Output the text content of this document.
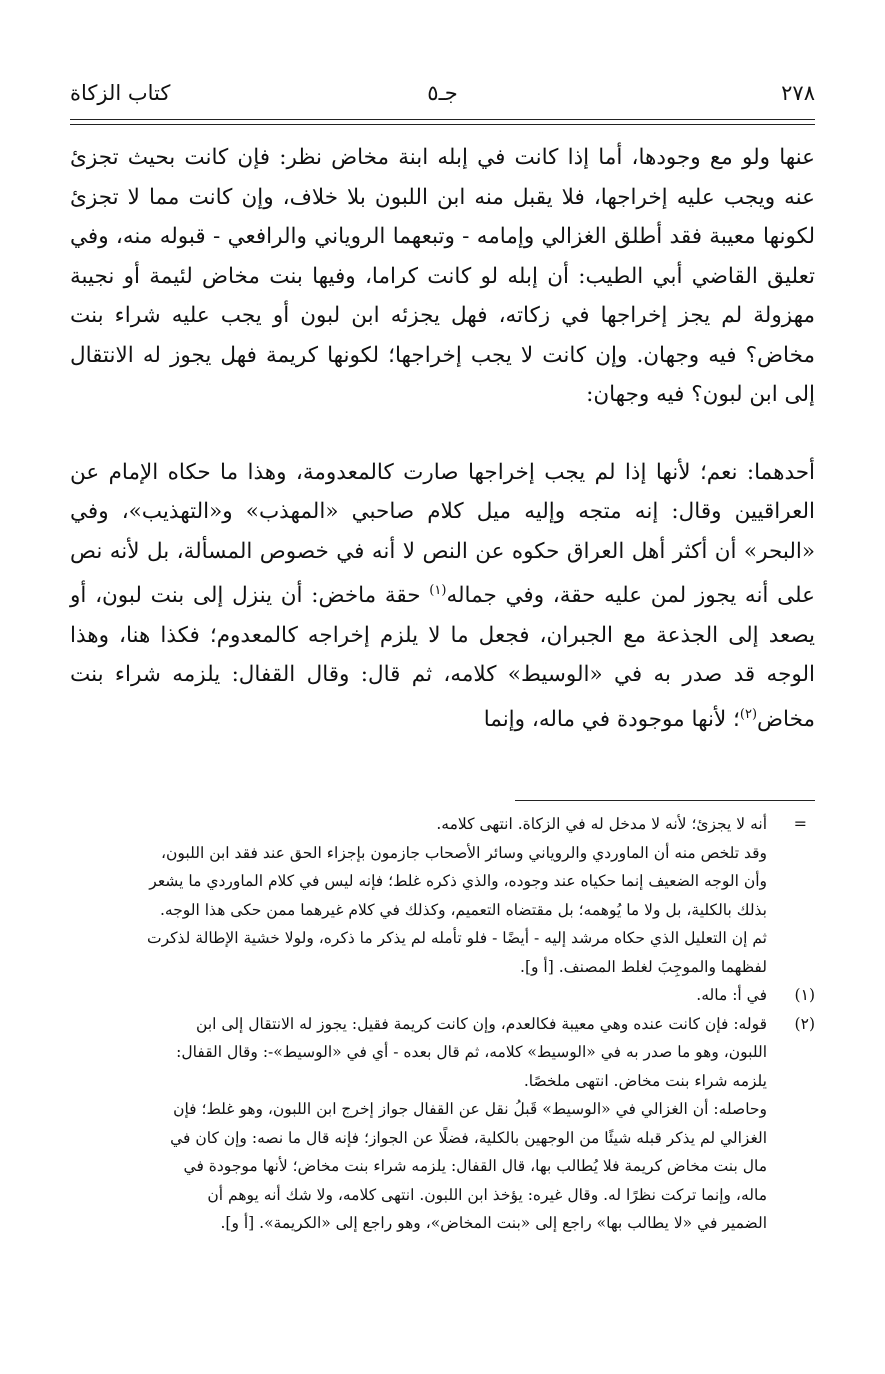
٢٧٨
جـ٥
كتاب الزكاة

عنها ولو مع وجودها، أما إذا كانت في إبله ابنة مخاض نظر: فإن كانت بحيث تجزئ عنه ويجب عليه إخراجها، فلا يقبل منه ابن اللبون بلا خلاف، وإن كانت مما لا تجزئ لكونها معيبة فقد أطلق الغزالي وإمامه - وتبعهما الروياني والرافعي - قبوله منه، وفي تعليق القاضي أبي الطيب: أن إبله لو كانت كراما، وفيها بنت مخاض لئيمة أو نجيبة مهزولة لم يجز إخراجها في زكاته، فهل يجزئه ابن لبون أو يجب عليه شراء بنت مخاض؟ فيه وجهان. وإن كانت لا يجب إخراجها؛ لكونها كريمة فهل يجوز له الانتقال إلى ابن لبون؟ فيه وجهان:

أحدهما: نعم؛ لأنها إذا لم يجب إخراجها صارت كالمعدومة، وهذا ما حكاه الإمام عن العراقيين وقال: إنه متجه وإليه ميل كلام صاحبي «المهذب» و«التهذيب»، وفي «البحر» أن أكثر أهل العراق حكوه عن النص لا أنه في خصوص المسألة، بل لأنه نص على أنه يجوز لمن عليه حقة، وفي جماله$^{(١)}$ حقة ماخض: أن ينزل إلى بنت لبون، أو يصعد إلى الجذعة مع الجبران، فجعل ما لا يلزم إخراجه كالمعدوم؛ فكذا هنا، وهذا الوجه قد صدر به في «الوسيط» كلامه، ثم قال: وقال القفال: يلزمه شراء بنت مخاض$^{(٢)}$؛ لأنها موجودة في ماله، وإنما

=

أنه لا يجزئ؛ لأنه لا مدخل له في الزكاة. انتهى كلامه.

وقد تلخص منه أن الماوردي والروياني وسائر الأصحاب جازمون بإجزاء الحق عند فقد ابن اللبون،

وأن الوجه الضعيف إنما حكياه عند وجوده، والذي ذكره غلط؛ فإنه ليس في كلام الماوردي ما يشعر

بذلك بالكلية، بل ولا ما يُوهمه؛ بل مقتضاه التعميم، وكذلك في كلام غيرهما ممن حكى هذا الوجه.

ثم إن التعليل الذي حكاه مرشد إليه - أيضًا - فلو تأمله لم يذكر ما ذكره، ولولا خشية الإطالة لذكرت

لفظهما والموجِبَ لغلط المصنف. [أ و].

(١)

في أ: ماله.

(٢)

قوله: فإن كانت عنده وهي معيبة فكالعدم، وإن كانت كريمة فقيل: يجوز له الانتقال إلى ابن

اللبون، وهو ما صدر به في «الوسيط» كلامه، ثم قال بعده - أي في «الوسيط»-: وقال القفال:

يلزمه شراء بنت مخاض. انتهى ملخصًا.

وحاصله: أن الغزالي في «الوسيط» قَبلُ نقل عن القفال جواز إخرج ابن اللبون، وهو غلط؛ فإن

الغزالي لم يذكر قبله شيئًا من الوجهين بالكلية، فضلًا عن الجواز؛ فإنه قال ما نصه: وإن كان في

مال بنت مخاض كريمة فلا يُطالب بها، قال القفال: يلزمه شراء بنت مخاض؛ لأنها موجودة في

ماله، وإنما تركت نظرًا له. وقال غيره: يؤخذ ابن اللبون. انتهى كلامه، ولا شك أنه يوهم أن

الضمير في «لا يطالب بها» راجع إلى «بنت المخاض»، وهو راجع إلى «الكريمة». [أ و].
